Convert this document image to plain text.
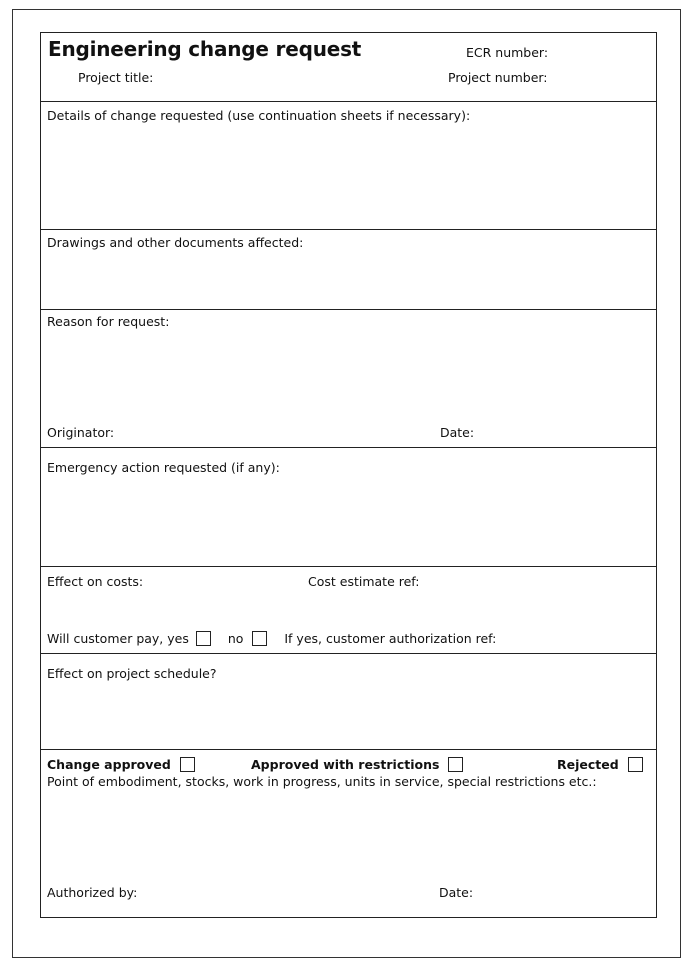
Engineering change request	ECR number:
Project title:	Project number:
Details of change requested (use continuation sheets if necessary):
Drawings and other documents affected:
Reason for request:
Originator:	Date:
Emergency action requested (if any):
Effect on costs:	Cost estimate ref:
Will customer pay, yes	no	If yes, customer authorization ref:
Effect on project schedule?
Change approved	Approved with restrictions	Rejected
Point of embodiment, stocks, work in progress, units in service, special restrictions etc.:
Authorized by:	Date:
